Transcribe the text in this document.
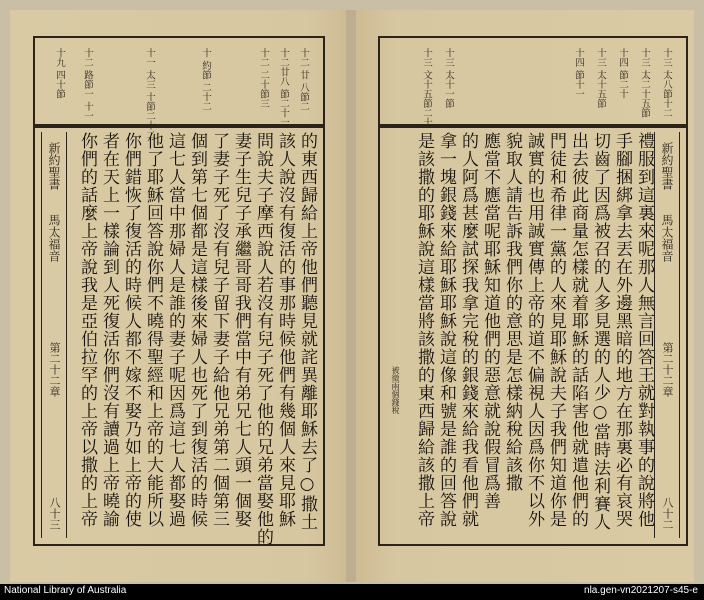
十二 廿 八節二
十二廿八 節二十一
十二 二十節三
十 約節 二十二
十一 太三 十節二十二
十二 路節一 十一
十九 四十節
新約聖書
馬太福音
第二十二章
八十三	的東西歸給上帝他們聽見就詫異離耶穌去了○撒土
該人說沒有復活的事那時候他們有幾個人來見耶穌
問說夫子摩西說人若沒有兒子死了他的兄弟當娶他的
妻子生兒子承繼哥哥我們當中有弟兄七人頭一個娶
了妻子死了沒有兒子留下妻子給他兄弟第二個第三
個到第七個都是這樣後來婦人也死了到復活的時候
這七人當中那婦人是誰的妻子呢因爲這七人都娶過
他了耶穌回答說你們不曉得聖經和上帝的大能所以
你們錯恢了復活的時候人都不嫁不娶乃如上帝的使
者在天上一樣論到人死復活你們沒有讀過上帝曉諭
你們的話麼上帝說我是亞伯拉罕的上帝以撒的上帝
十三 太八節十二
十三 太二十五節
十四 節二十
十三 太十五節
十四 節十一
十三 太十一節
十三 文十五節二十
新約聖書
馬太福音
第二十二章
八十二
被徵兩個錢稅	禮服到這裏來呢那人無言回答王就對執事的說將他
手腳捆綁拿去丟在外邊黑暗的地方在那裏必有哀哭
切齒了因爲被召的人多見選的人少○當時法利賽人
出去彼此商量怎樣就着耶穌的話陷害他就遣他們的
門徒和希律一黨的人來見耶穌說夫子我們知道你是
誠實的也用誠實傳上帝的道不偏視人因爲你不以外
貌取人請告訴我們你的意思是怎樣納稅給該撒
應當不應當呢耶穌知道他們的惡意就說假冒爲善
的人阿爲甚麼試探我拿完稅的銀錢來給我看他們就
拿一塊銀錢來給耶穌耶穌說這像和號是誰的回答說
是該撒的耶穌說這樣當將該撒的東西歸給該撒上帝
National Library of Australia	nla.gen-vn2021207-s45-e
